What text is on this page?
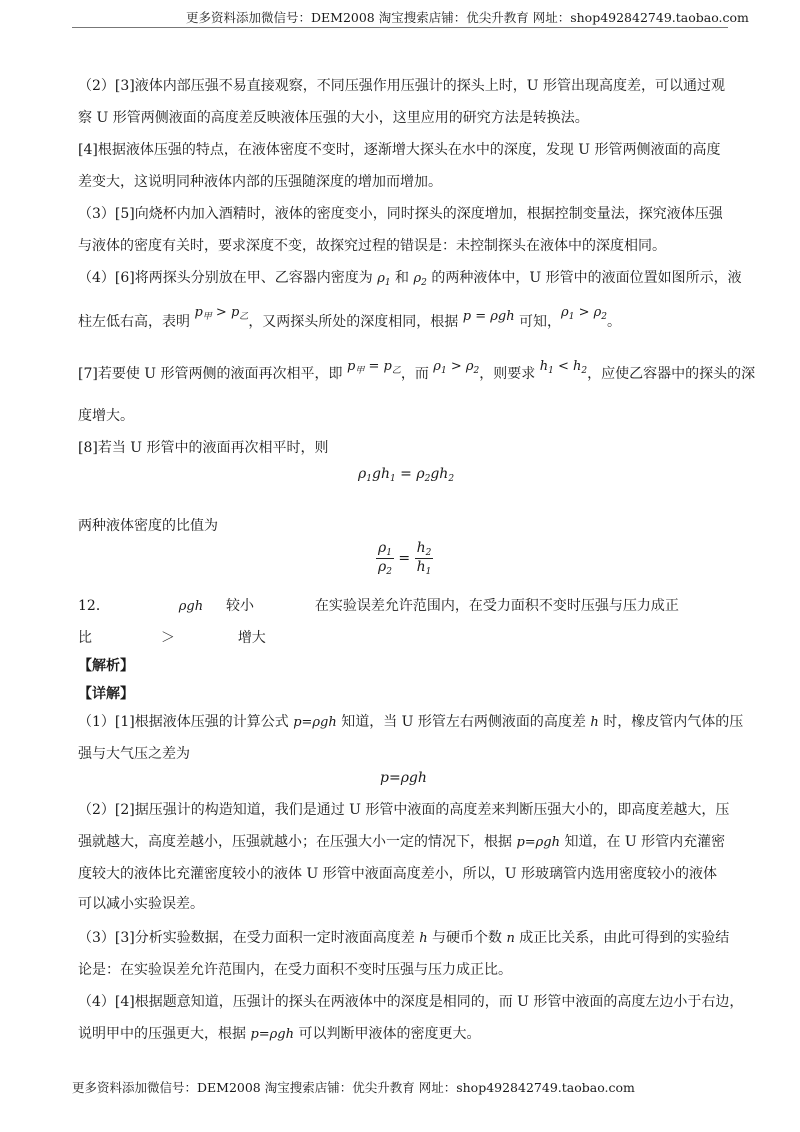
更多资料添加微信号：DEM2008 淘宝搜索店铺：优尖升教育 网址：shop492842749.taobao.com
（2）[3]液体内部压强不易直接观察，不同压强作用压强计的探头上时，U 形管出现高度差，可以通过观
察 U 形管两侧液面的高度差反映液体压强的大小，这里应用的研究方法是转换法。
[4]根据液体压强的特点，在液体密度不变时，逐渐增大探头在水中的深度，发现 U 形管两侧液面的高度
差变大，这说明同种液体内部的压强随深度的增加而增加。
（3）[5]向烧杯内加入酒精时，液体的密度变小，同时探头的深度增加，根据控制变量法，探究液体压强
与液体的密度有关时，要求深度不变，故探究过程的错误是：未控制探头在液体中的深度相同。
（4）[6]将两探头分别放在甲、乙容器内密度为 $\rho_1$ 和 $\rho_2$ 的两种液体中，U 形管中的液面位置如图所示，液
柱左低右高，表明 $p_甲 > p_乙$，又两探头所处的深度相同，根据 p = ρgh 可知，$\rho_1 > \rho_2$。
[7]若要使 U 形管两侧的液面再次相平，即 $p_甲 = p_乙$，而 $\rho_1 > \rho_2$，则要求 $h_1 < h_2$，应使乙容器中的探头的深
度增大。
[8]若当 U 形管中的液面再次相平时，则
$\rho_1gh_1 = \rho_2gh_2$
两种液体密度的比值为
$\frac{\rho_1}{\rho_2} = \frac{h_2}{h_1}$
12．	ρgh 较小	在实验误差允许范围内，在受力面积不变时压强与压力成正
比	＞	增大
【解析】
【详解】
（1）[1]根据液体压强的计算公式 p=ρgh 知道，当 U 形管左右两侧液面的高度差 h 时，橡皮管内气体的压
强与大气压之差为
p=ρgh
（2）[2]据压强计的构造知道，我们是通过 U 形管中液面的高度差来判断压强大小的，即高度差越大，压
强就越大，高度差越小，压强就越小；在压强大小一定的情况下，根据 p=ρgh 知道，在 U 形管内充灌密
度较大的液体比充灌密度较小的液体 U 形管中液面高度差小，所以，U 形玻璃管内选用密度较小的液体
可以减小实验误差。
（3）[3]分析实验数据，在受力面积一定时液面高度差 h 与硬币个数 n 成正比关系，由此可得到的实验结
论是：在实验误差允许范围内，在受力面积不变时压强与压力成正比。
（4）[4]根据题意知道，压强计的探头在两液体中的深度是相同的，而 U 形管中液面的高度左边小于右边，
说明甲中的压强更大，根据 p=ρgh 可以判断甲液体的密度更大。
更多资料添加微信号：DEM2008 淘宝搜索店铺：优尖升教育 网址：shop492842749.taobao.com
